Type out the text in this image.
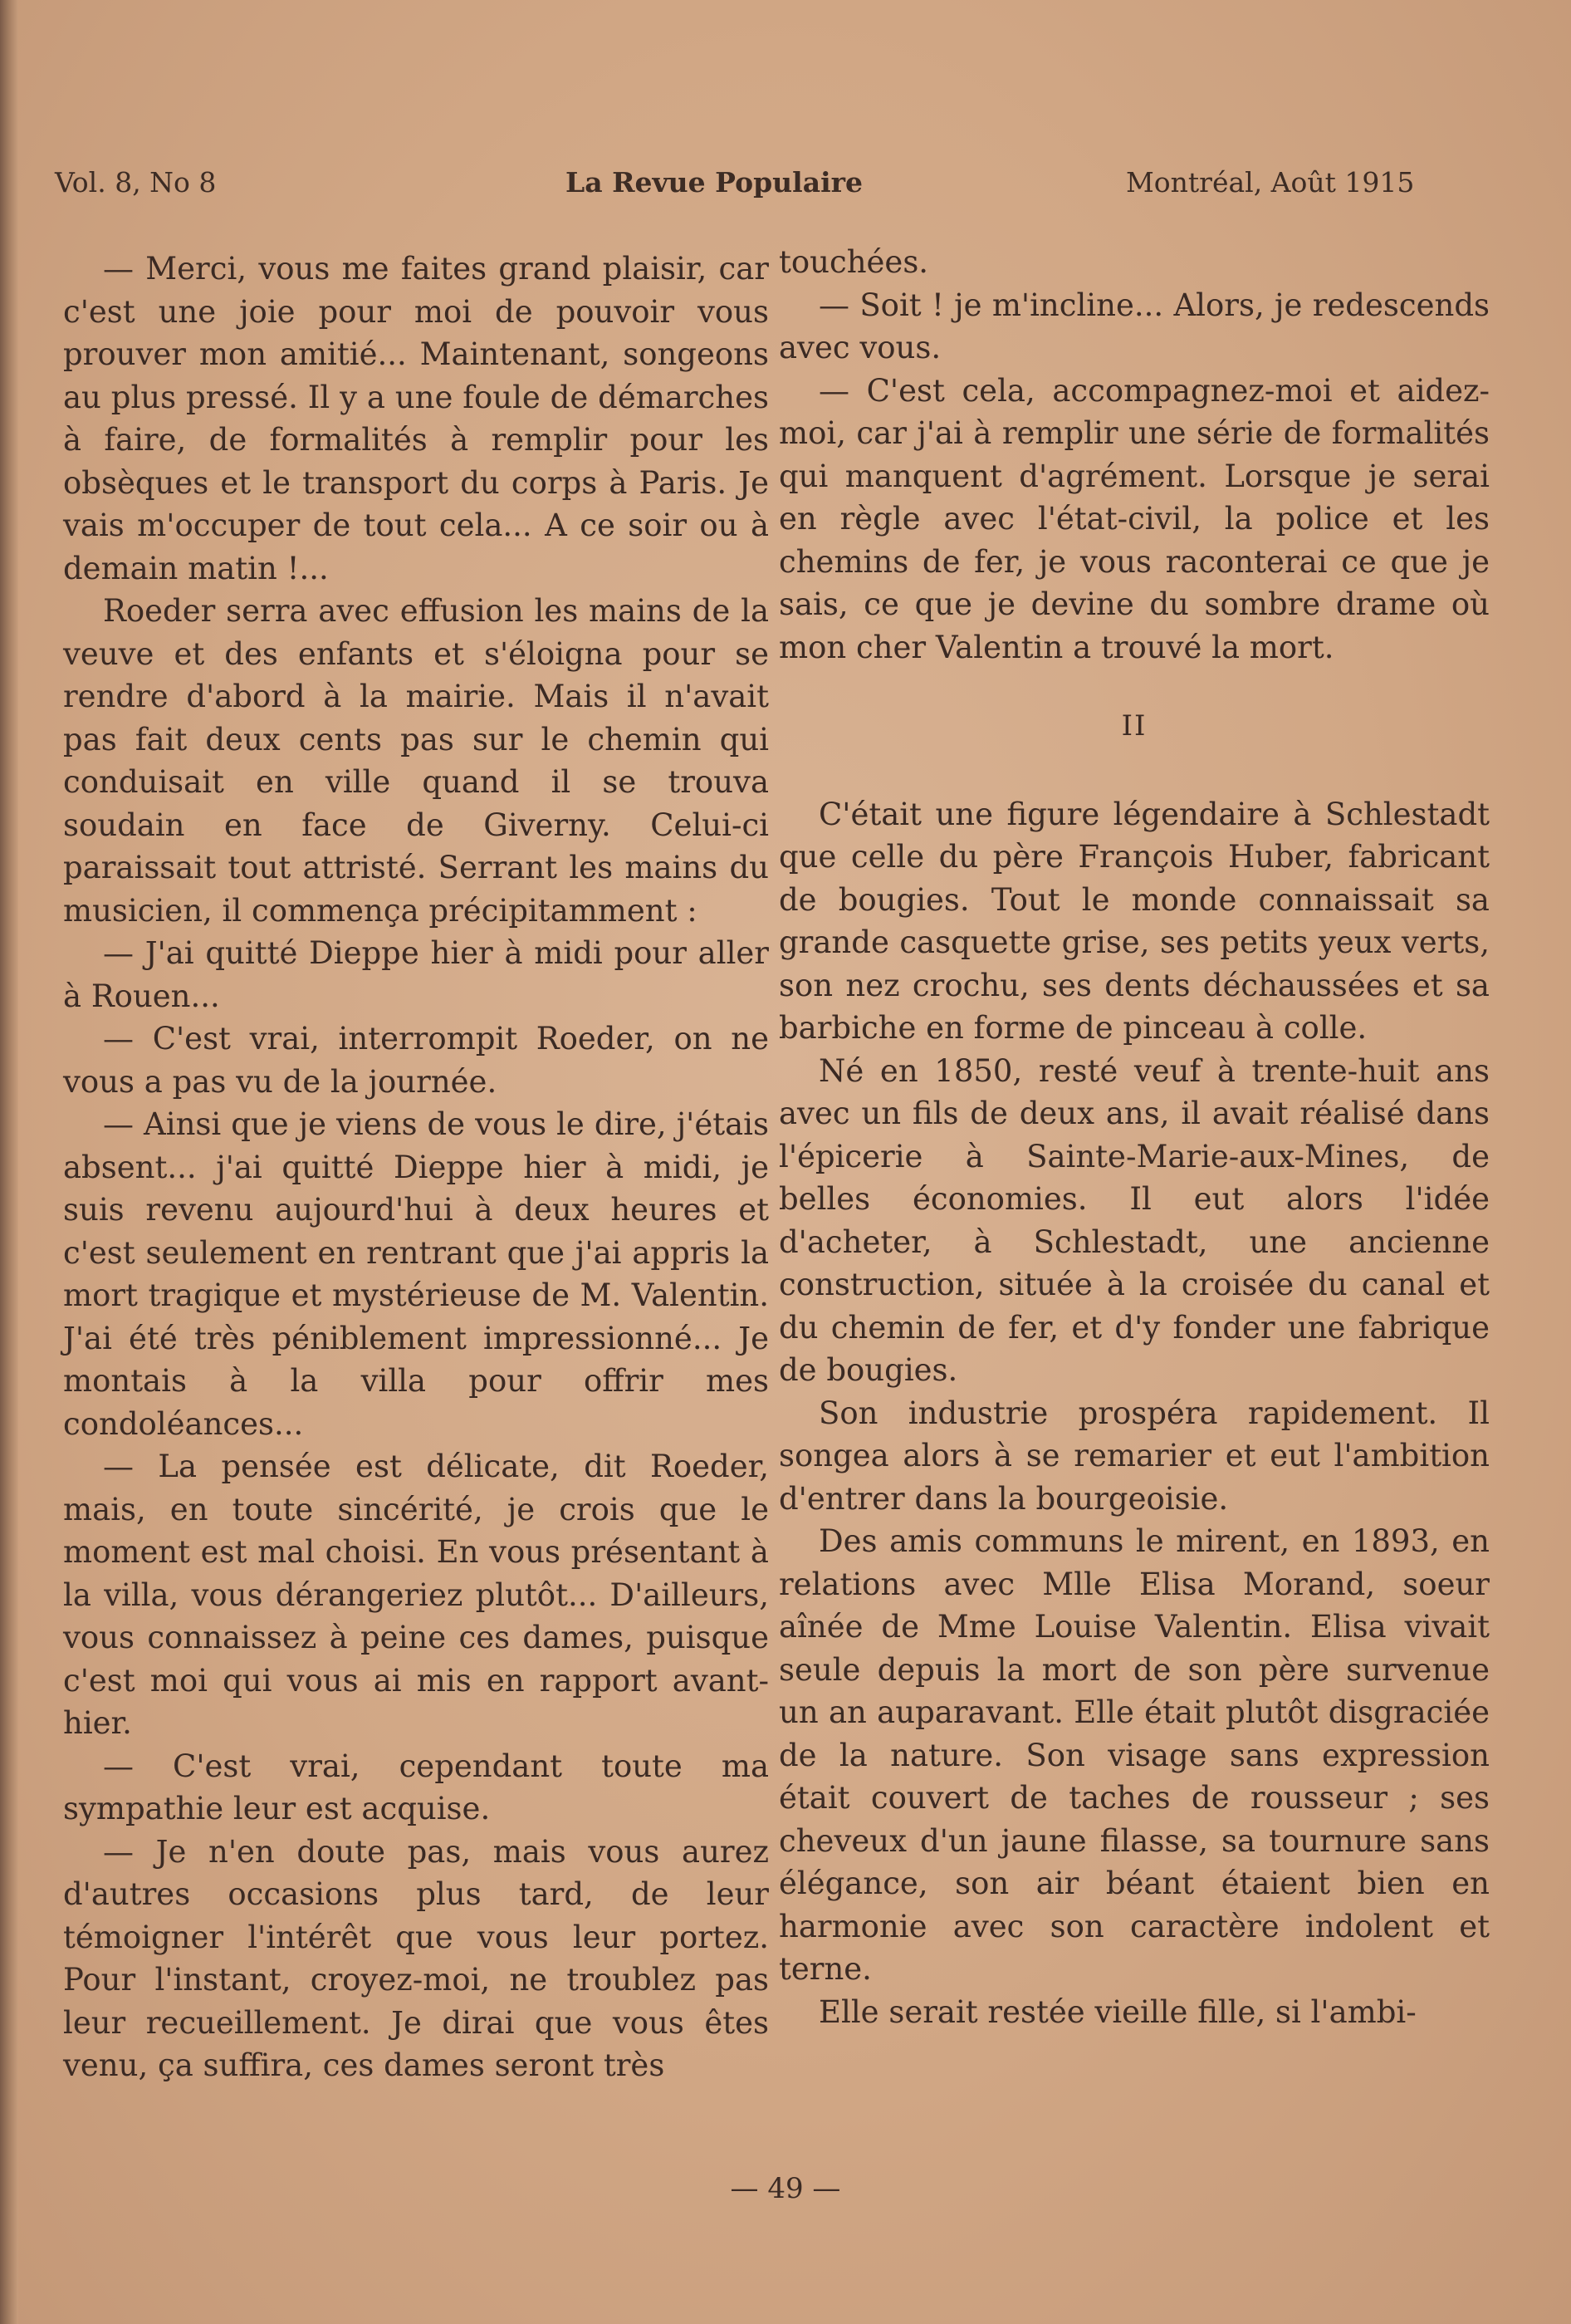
Vol. 8, No 8	La Revue Populaire	Montréal, Août 1915

— Merci, vous me faites grand plaisir, car c'est une joie pour moi de pouvoir vous prouver mon amitié... Maintenant, songeons au plus pressé. Il y a une foule de démarches à faire, de formalités à remplir pour les obsèques et le transport du corps à Paris. Je vais m'occuper de tout cela... A ce soir ou à demain matin !...

Roeder serra avec effusion les mains de la veuve et des enfants et s'éloigna pour se rendre d'abord à la mairie. Mais il n'avait pas fait deux cents pas sur le chemin qui conduisait en ville quand il se trouva soudain en face de Giverny. Celui-ci paraissait tout attristé. Serrant les mains du musicien, il commença précipitamment :

— J'ai quitté Dieppe hier à midi pour aller à Rouen...

— C'est vrai, interrompit Roeder, on ne vous a pas vu de la journée.

— Ainsi que je viens de vous le dire, j'étais absent... j'ai quitté Dieppe hier à midi, je suis revenu aujourd'hui à deux heures et c'est seulement en rentrant que j'ai appris la mort tragique et mystérieuse de M. Valentin. J'ai été très péniblement impressionné... Je montais à la villa pour offrir mes condoléances...

— La pensée est délicate, dit Roeder, mais, en toute sincérité, je crois que le moment est mal choisi. En vous présentant à la villa, vous dérangeriez plutôt... D'ailleurs, vous connaissez à peine ces dames, puisque c'est moi qui vous ai mis en rapport avant-hier.

— C'est vrai, cependant toute ma sympathie leur est acquise.

— Je n'en doute pas, mais vous aurez d'autres occasions plus tard, de leur témoigner l'intérêt que vous leur portez. Pour l'instant, croyez-moi, ne troublez pas leur recueillement. Je dirai que vous êtes venu, ça suffira, ces dames seront très

touchées.

— Soit ! je m'incline... Alors, je redescends avec vous.

— C'est cela, accompagnez-moi et aidez-moi, car j'ai à remplir une série de formalités qui manquent d'agrément. Lorsque je serai en règle avec l'état-civil, la police et les chemins de fer, je vous raconterai ce que je sais, ce que je devine du sombre drame où mon cher Valentin a trouvé la mort.

II

C'était une figure légendaire à Schlestadt que celle du père François Huber, fabricant de bougies. Tout le monde connaissait sa grande casquette grise, ses petits yeux verts, son nez crochu, ses dents déchaussées et sa barbiche en forme de pinceau à colle.

Né en 1850, resté veuf à trente-huit ans avec un fils de deux ans, il avait réalisé dans l'épicerie à Sainte-Marie-aux-Mines, de belles économies. Il eut alors l'idée d'acheter, à Schlestadt, une ancienne construction, située à la croisée du canal et du chemin de fer, et d'y fonder une fabrique de bougies.

Son industrie prospéra rapidement. Il songea alors à se remarier et eut l'ambition d'entrer dans la bourgeoisie.

Des amis communs le mirent, en 1893, en relations avec Mlle Elisa Morand, soeur aînée de Mme Louise Valentin. Elisa vivait seule depuis la mort de son père survenue un an auparavant. Elle était plutôt disgraciée de la nature. Son visage sans expression était couvert de taches de rousseur ; ses cheveux d'un jaune filasse, sa tournure sans élégance, son air béant étaient bien en harmonie avec son caractère indolent et terne.

Elle serait restée vieille fille, si l'ambi-

— 49 —
